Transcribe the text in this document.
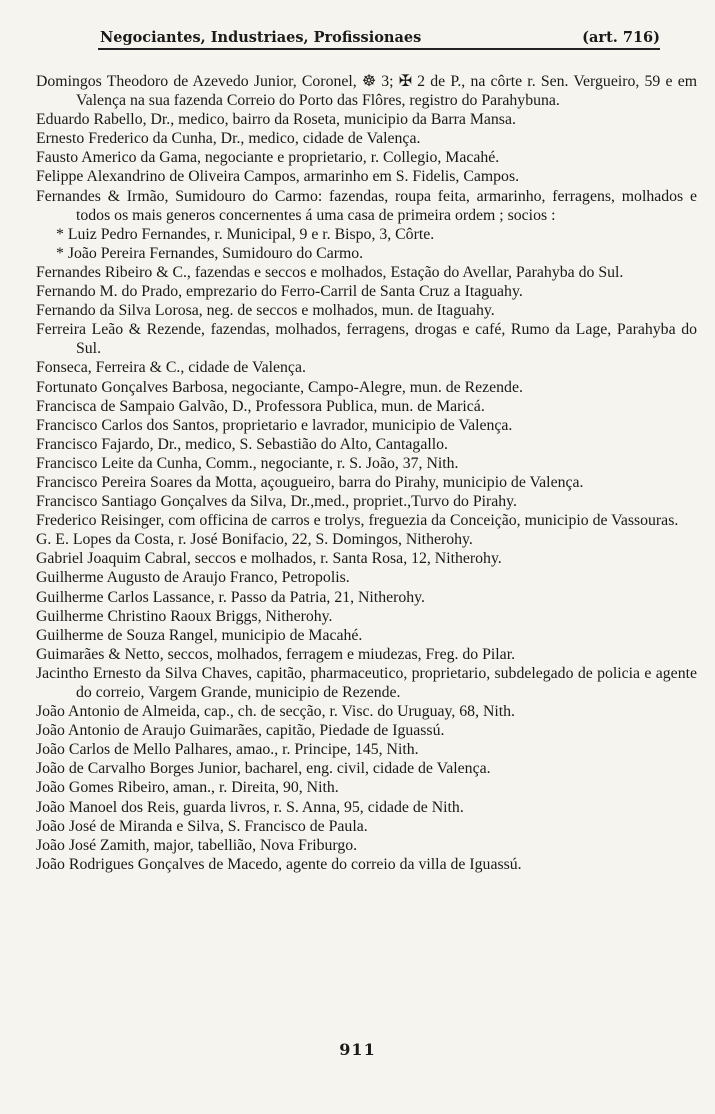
Negociantes, Industriaes, Profissionaes	(art. 716)
Domingos Theodoro de Azevedo Junior, Coronel, ☸ 3; ✠ 2 de P., na côrte r. Sen. Vergueiro, 59 e em Valença na sua fazenda Correio do Porto das Flôres, registro do Parahybuna.
Eduardo Rabello, Dr., medico, bairro da Roseta, municipio da Barra Mansa.
Ernesto Frederico da Cunha, Dr., medico, cidade de Valença.
Fausto Americo da Gama, negociante e proprietario, r. Collegio, Macahé.
Felippe Alexandrino de Oliveira Campos, armarinho em S. Fidelis, Campos.
Fernandes & Irmão, Sumidouro do Carmo: fazendas, roupa feita, armarinho, ferragens, molhados e todos os mais generos concernentes á uma casa de primeira ordem ; socios :
* Luiz Pedro Fernandes, r. Municipal, 9 e r. Bispo, 3, Côrte.
* João Pereira Fernandes, Sumidouro do Carmo.
Fernandes Ribeiro & C., fazendas e seccos e molhados, Estação do Avellar, Parahyba do Sul.
Fernando M. do Prado, emprezario do Ferro-Carril de Santa Cruz a Itaguahy.
Fernando da Silva Lorosa, neg. de seccos e molhados, mun. de Itaguahy.
Ferreira Leão & Rezende, fazendas, molhados, ferragens, drogas e café, Rumo da Lage, Parahyba do Sul.
Fonseca, Ferreira & C., cidade de Valença.
Fortunato Gonçalves Barbosa, negociante, Campo-Alegre, mun. de Rezende.
Francisca de Sampaio Galvão, D., Professora Publica, mun. de Maricá.
Francisco Carlos dos Santos, proprietario e lavrador, municipio de Valença.
Francisco Fajardo, Dr., medico, S. Sebastião do Alto, Cantagallo.
Francisco Leite da Cunha, Comm., negociante, r. S. João, 37, Nith.
Francisco Pereira Soares da Motta, açougueiro, barra do Pirahy, municipio de Valença.
Francisco Santiago Gonçalves da Silva, Dr.,med., propriet.,Turvo do Pirahy.
Frederico Reisinger, com officina de carros e trolys, freguezia da Conceição, municipio de Vassouras.
G. E. Lopes da Costa, r. José Bonifacio, 22, S. Domingos, Nitherohy.
Gabriel Joaquim Cabral, seccos e molhados, r. Santa Rosa, 12, Nitherohy.
Guilherme Augusto de Araujo Franco, Petropolis.
Guilherme Carlos Lassance, r. Passo da Patria, 21, Nitherohy.
Guilherme Christino Raoux Briggs, Nitherohy.
Guilherme de Souza Rangel, municipio de Macahé.
Guimarães & Netto, seccos, molhados, ferragem e miudezas, Freg. do Pilar.
Jacintho Ernesto da Silva Chaves, capitão, pharmaceutico, proprietario, subdelegado de policia e agente do correio, Vargem Grande, municipio de Rezende.
João Antonio de Almeida, cap., ch. de secção, r. Visc. do Uruguay, 68, Nith.
João Antonio de Araujo Guimarães, capitão, Piedade de Iguassú.
João Carlos de Mello Palhares, amao., r. Principe, 145, Nith.
João de Carvalho Borges Junior, bacharel, eng. civil, cidade de Valença.
João Gomes Ribeiro, aman., r. Direita, 90, Nith.
João Manoel dos Reis, guarda livros, r. S. Anna, 95, cidade de Nith.
João José de Miranda e Silva, S. Francisco de Paula.
João José Zamith, major, tabellião, Nova Friburgo.
João Rodrigues Gonçalves de Macedo, agente do correio da villa de Iguassú.
911
